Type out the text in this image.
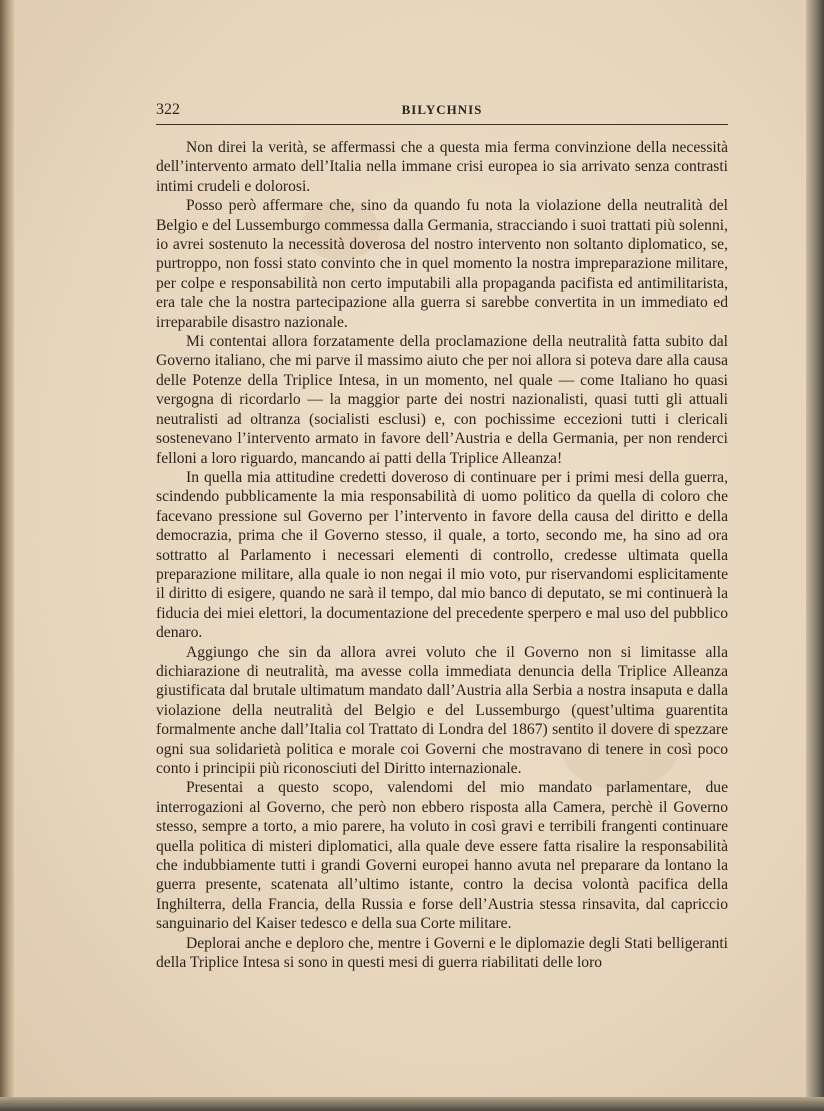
322	BILYCHNIS

Non direi la verità, se affermassi che a questa mia ferma convinzione della necessità dell’intervento armato dell’Italia nella immane crisi europea io sia arrivato senza contrasti intimi crudeli e dolorosi.

Posso però affermare che, sino da quando fu nota la violazione della neutralità del Belgio e del Lussemburgo commessa dalla Germania, stracciando i suoi trattati più solenni, io avrei sostenuto la necessità doverosa del nostro intervento non soltanto diplomatico, se, purtroppo, non fossi stato convinto che in quel momento la nostra impreparazione militare, per colpe e responsabilità non certo imputabili alla propaganda pacifista ed antimilitarista, era tale che la nostra partecipazione alla guerra si sarebbe convertita in un immediato ed irreparabile disastro nazionale.

Mi contentai allora forzatamente della proclamazione della neutralità fatta subito dal Governo italiano, che mi parve il massimo aiuto che per noi allora si poteva dare alla causa delle Potenze della Triplice Intesa, in un momento, nel quale — come Italiano ho quasi vergogna di ricordarlo — la maggior parte dei nostri nazionalisti, quasi tutti gli attuali neutralisti ad oltranza (socialisti esclusi) e, con pochissime eccezioni tutti i clericali sostenevano l’intervento armato in favore dell’Austria e della Germania, per non renderci felloni a loro riguardo, mancando ai patti della Triplice Alleanza!

In quella mia attitudine credetti doveroso di continuare per i primi mesi della guerra, scindendo pubblicamente la mia responsabilità di uomo politico da quella di coloro che facevano pressione sul Governo per l’intervento in favore della causa del diritto e della democrazia, prima che il Governo stesso, il quale, a torto, secondo me, ha sino ad ora sottratto al Parlamento i necessari elementi di controllo, credesse ultimata quella preparazione militare, alla quale io non negai il mio voto, pur riservandomi esplicitamente il diritto di esigere, quando ne sarà il tempo, dal mio banco di deputato, se mi continuerà la fiducia dei miei elettori, la documentazione del precedente sperpero e mal uso del pubblico denaro.

Aggiungo che sin da allora avrei voluto che il Governo non si limitasse alla dichiarazione di neutralità, ma avesse colla immediata denuncia della Triplice Alleanza giustificata dal brutale ultimatum mandato dall’Austria alla Serbia a nostra insaputa e dalla violazione della neutralità del Belgio e del Lussemburgo (quest’ultima guarentita formalmente anche dall’Italia col Trattato di Londra del 1867) sentito il dovere di spezzare ogni sua solidarietà politica e morale coi Governi che mostravano di tenere in così poco conto i principii più riconosciuti del Diritto internazionale.

Presentai a questo scopo, valendomi del mio mandato parlamentare, due interrogazioni al Governo, che però non ebbero risposta alla Camera, perchè il Governo stesso, sempre a torto, a mio parere, ha voluto in così gravi e terribili frangenti continuare quella politica di misteri diplomatici, alla quale deve essere fatta risalire la responsabilità che indubbiamente tutti i grandi Governi europei hanno avuta nel preparare da lontano la guerra presente, scatenata all’ultimo istante, contro la decisa volontà pacifica della Inghilterra, della Francia, della Russia e forse dell’Austria stessa rinsavita, dal capriccio sanguinario del Kaiser tedesco e della sua Corte militare.

Deplorai anche e deploro che, mentre i Governi e le diplomazie degli Stati belligeranti della Triplice Intesa si sono in questi mesi di guerra riabilitati delle loro
